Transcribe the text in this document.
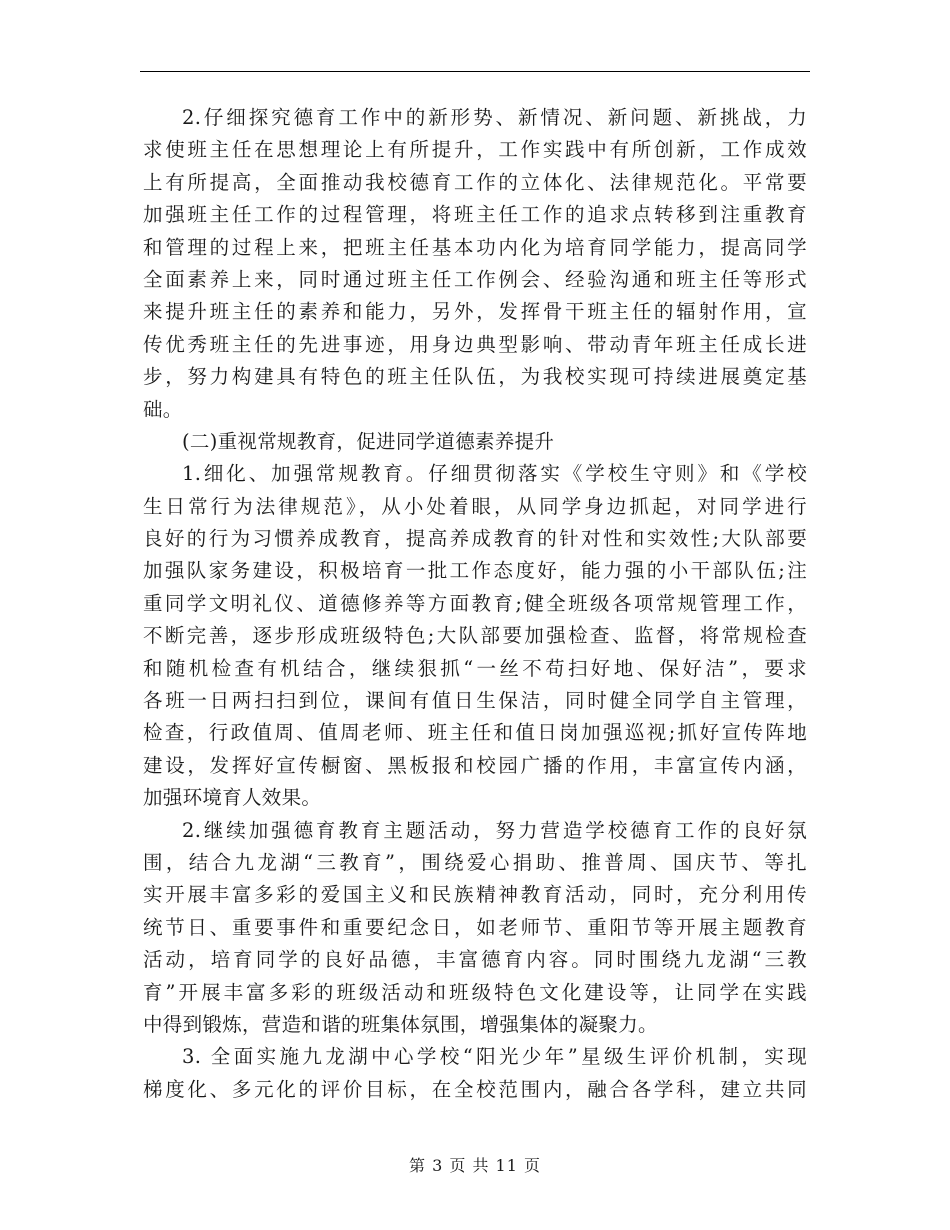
2.仔细探究德育工作中的新形势、新情况、新问题、新挑战，力
求使班主任在思想理论上有所提升，工作实践中有所创新，工作成效
上有所提高，全面推动我校德育工作的立体化、法律规范化。平常要
加强班主任工作的过程管理，将班主任工作的追求点转移到注重教育
和管理的过程上来，把班主任基本功内化为培育同学能力，提高同学
全面素养上来，同时通过班主任工作例会、经验沟通和班主任等形式
来提升班主任的素养和能力，另外，发挥骨干班主任的辐射作用，宣
传优秀班主任的先进事迹，用身边典型影响、带动青年班主任成长进
步，努力构建具有特色的班主任队伍，为我校实现可持续进展奠定基
础。
(二)重视常规教育，促进同学道德素养提升
1.细化、加强常规教育。仔细贯彻落实《学校生守则》和《学校
生日常行为法律规范》，从小处着眼，从同学身边抓起，对同学进行
良好的行为习惯养成教育，提高养成教育的针对性和实效性;大队部要
加强队家务建设，积极培育一批工作态度好，能力强的小干部队伍;注
重同学文明礼仪、道德修养等方面教育;健全班级各项常规管理工作，
不断完善，逐步形成班级特色;大队部要加强检查、监督，将常规检查
和随机检查有机结合，继续狠抓“一丝不苟扫好地、保好洁”，要求
各班一日两扫扫到位，课间有值日生保洁，同时健全同学自主管理，
检查，行政值周、值周老师、班主任和值日岗加强巡视;抓好宣传阵地
建设，发挥好宣传橱窗、黑板报和校园广播的作用，丰富宣传内涵，
加强环境育人效果。
2.继续加强德育教育主题活动，努力营造学校德育工作的良好氛
围，结合九龙湖“三教育”，围绕爱心捐助、推普周、国庆节、等扎
实开展丰富多彩的爱国主义和民族精神教育活动，同时，充分利用传
统节日、重要事件和重要纪念日，如老师节、重阳节等开展主题教育
活动，培育同学的良好品德，丰富德育内容。同时围绕九龙湖“三教
育”开展丰富多彩的班级活动和班级特色文化建设等，让同学在实践
中得到锻炼，营造和谐的班集体氛围，增强集体的凝聚力。
3. 全面实施九龙湖中心学校“阳光少年”星级生评价机制，实现
梯度化、多元化的评价目标，在全校范围内，融合各学科，建立共同
第 3 页 共 11 页
